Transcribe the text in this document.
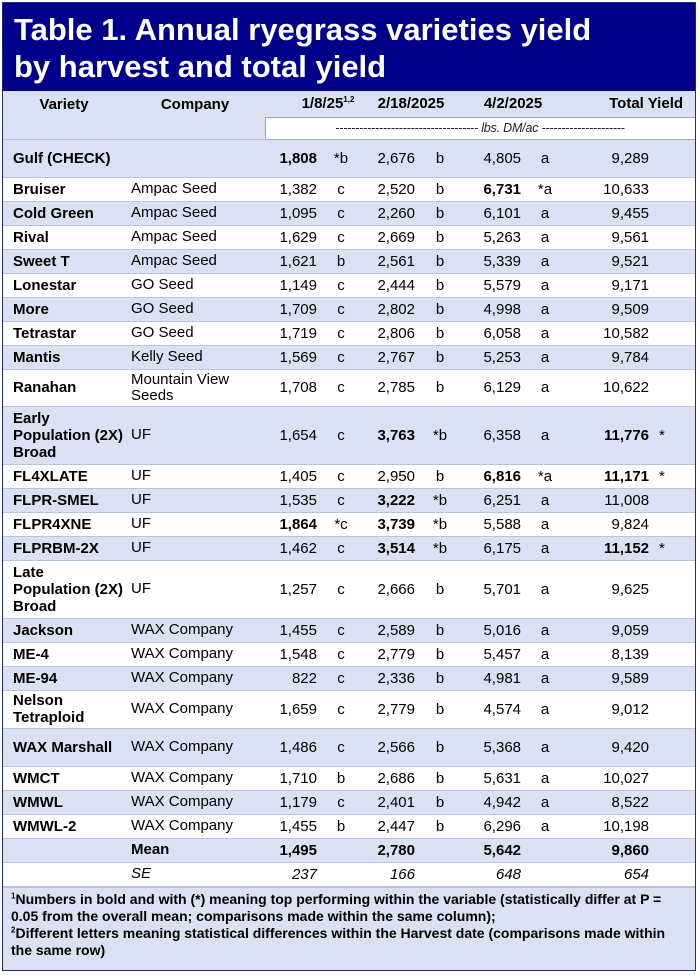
Table 1. Annual ryegrass varieties yield
by harvest and total yield
Variety	Company	1/8/25$^{1,2}$		2/18/2025		4/2/2025		Total Yield	
		------------------------------------ lbs. DM/ac ---------------------							
Gulf (CHECK)		1,808	*b	2,676	b	4,805	a	9,289	
Bruiser	Ampac Seed	1,382	c	2,520	b	6,731	*a	10,633	
Cold Green	Ampac Seed	1,095	c	2,260	b	6,101	a	9,455	
Rival	Ampac Seed	1,629	c	2,669	b	5,263	a	9,561	
Sweet T	Ampac Seed	1,621	b	2,561	b	5,339	a	9,521	
Lonestar	GO Seed	1,149	c	2,444	b	5,579	a	9,171	
More	GO Seed	1,709	c	2,802	b	4,998	a	9,509	
Tetrastar	GO Seed	1,719	c	2,806	b	6,058	a	10,582	
Mantis	Kelly Seed	1,569	c	2,767	b	5,253	a	9,784	
Ranahan	Mountain View Seeds	1,708	c	2,785	b	6,129	a	10,622	
Early Population (2X) Broad	UF	1,654	c	3,763	*b	6,358	a	11,776	*
FL4XLATE	UF	1,405	c	2,950	b	6,816	*a	11,171	*
FLPR-SMEL	UF	1,535	c	3,222	*b	6,251	a	11,008	
FLPR4XNE	UF	1,864	*c	3,739	*b	5,588	a	9,824	
FLPRBM-2X	UF	1,462	c	3,514	*b	6,175	a	11,152	*
Late Population (2X) Broad	UF	1,257	c	2,666	b	5,701	a	9,625	
Jackson	WAX Company	1,455	c	2,589	b	5,016	a	9,059	
ME-4	WAX Company	1,548	c	2,779	b	5,457	a	8,139	
ME-94	WAX Company	822	c	2,336	b	4,981	a	9,589	
Nelson Tetraploid	WAX Company	1,659	c	2,779	b	4,574	a	9,012	
WAX Marshall	WAX Company	1,486	c	2,566	b	5,368	a	9,420	
WMCT	WAX Company	1,710	b	2,686	b	5,631	a	10,027	
WMWL	WAX Company	1,179	c	2,401	b	4,942	a	8,522	
WMWL-2	WAX Company	1,455	b	2,447	b	6,296	a	10,198	
	Mean	1,495		2,780		5,642		9,860	
	SE	237		166		648		654	

$^1$Numbers in bold and with (*) meaning top performing within the variable (statistically differ at P = 0.05 from the overall mean; comparisons made within the same column);

$^2$Different letters meaning statistical differences within the Harvest date (comparisons made within the same row)
